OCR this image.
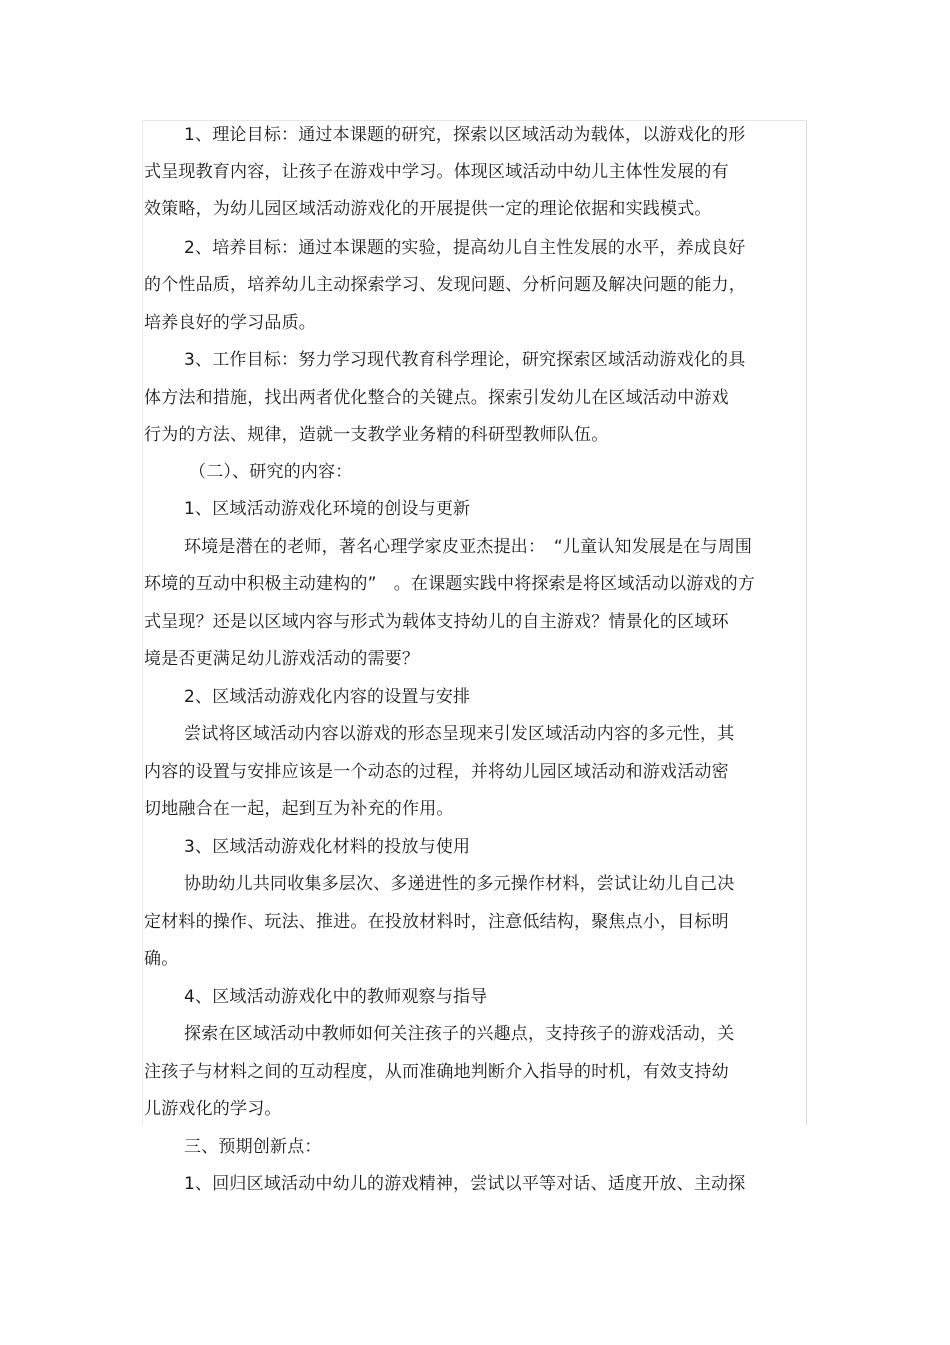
1、理论目标：通过本课题的研究，探索以区域活动为载体，以游戏化的形
式呈现教育内容，让孩子在游戏中学习。体现区域活动中幼儿主体性发展的有
效策略，为幼儿园区域活动游戏化的开展提供一定的理论依据和实践模式。
2、培养目标：通过本课题的实验，提高幼儿自主性发展的水平，养成良好
的个性品质，培养幼儿主动探索学习、发现问题、分析问题及解决问题的能力，
培养良好的学习品质。
3、工作目标：努力学习现代教育科学理论，研究探索区域活动游戏化的具
体方法和措施，找出两者优化整合的关键点。探索引发幼儿在区域活动中游戏
行为的方法、规律，造就一支教学业务精的科研型教师队伍。
（二）、研究的内容：
1、区域活动游戏化环境的创设与更新
环境是潜在的老师，著名心理学家皮亚杰提出：　“儿童认知发展是在与周围
环境的互动中积极主动建构的”　。在课题实践中将探索是将区域活动以游戏的方
式呈现？还是以区域内容与形式为载体支持幼儿的自主游戏？情景化的区域环
境是否更满足幼儿游戏活动的需要？
2、区域活动游戏化内容的设置与安排
尝试将区域活动内容以游戏的形态呈现来引发区域活动内容的多元性，其
内容的设置与安排应该是一个动态的过程，并将幼儿园区域活动和游戏活动密
切地融合在一起，起到互为补充的作用。
3、区域活动游戏化材料的投放与使用
协助幼儿共同收集多层次、多递进性的多元操作材料，尝试让幼儿自己决
定材料的操作、玩法、推进。在投放材料时，注意低结构，聚焦点小，目标明
确。
4、区域活动游戏化中的教师观察与指导
探索在区域活动中教师如何关注孩子的兴趣点，支持孩子的游戏活动，关
注孩子与材料之间的互动程度，从而准确地判断介入指导的时机，有效支持幼
儿游戏化的学习。
三、预期创新点：
1、回归区域活动中幼儿的游戏精神，尝试以平等对话、适度开放、主动探
